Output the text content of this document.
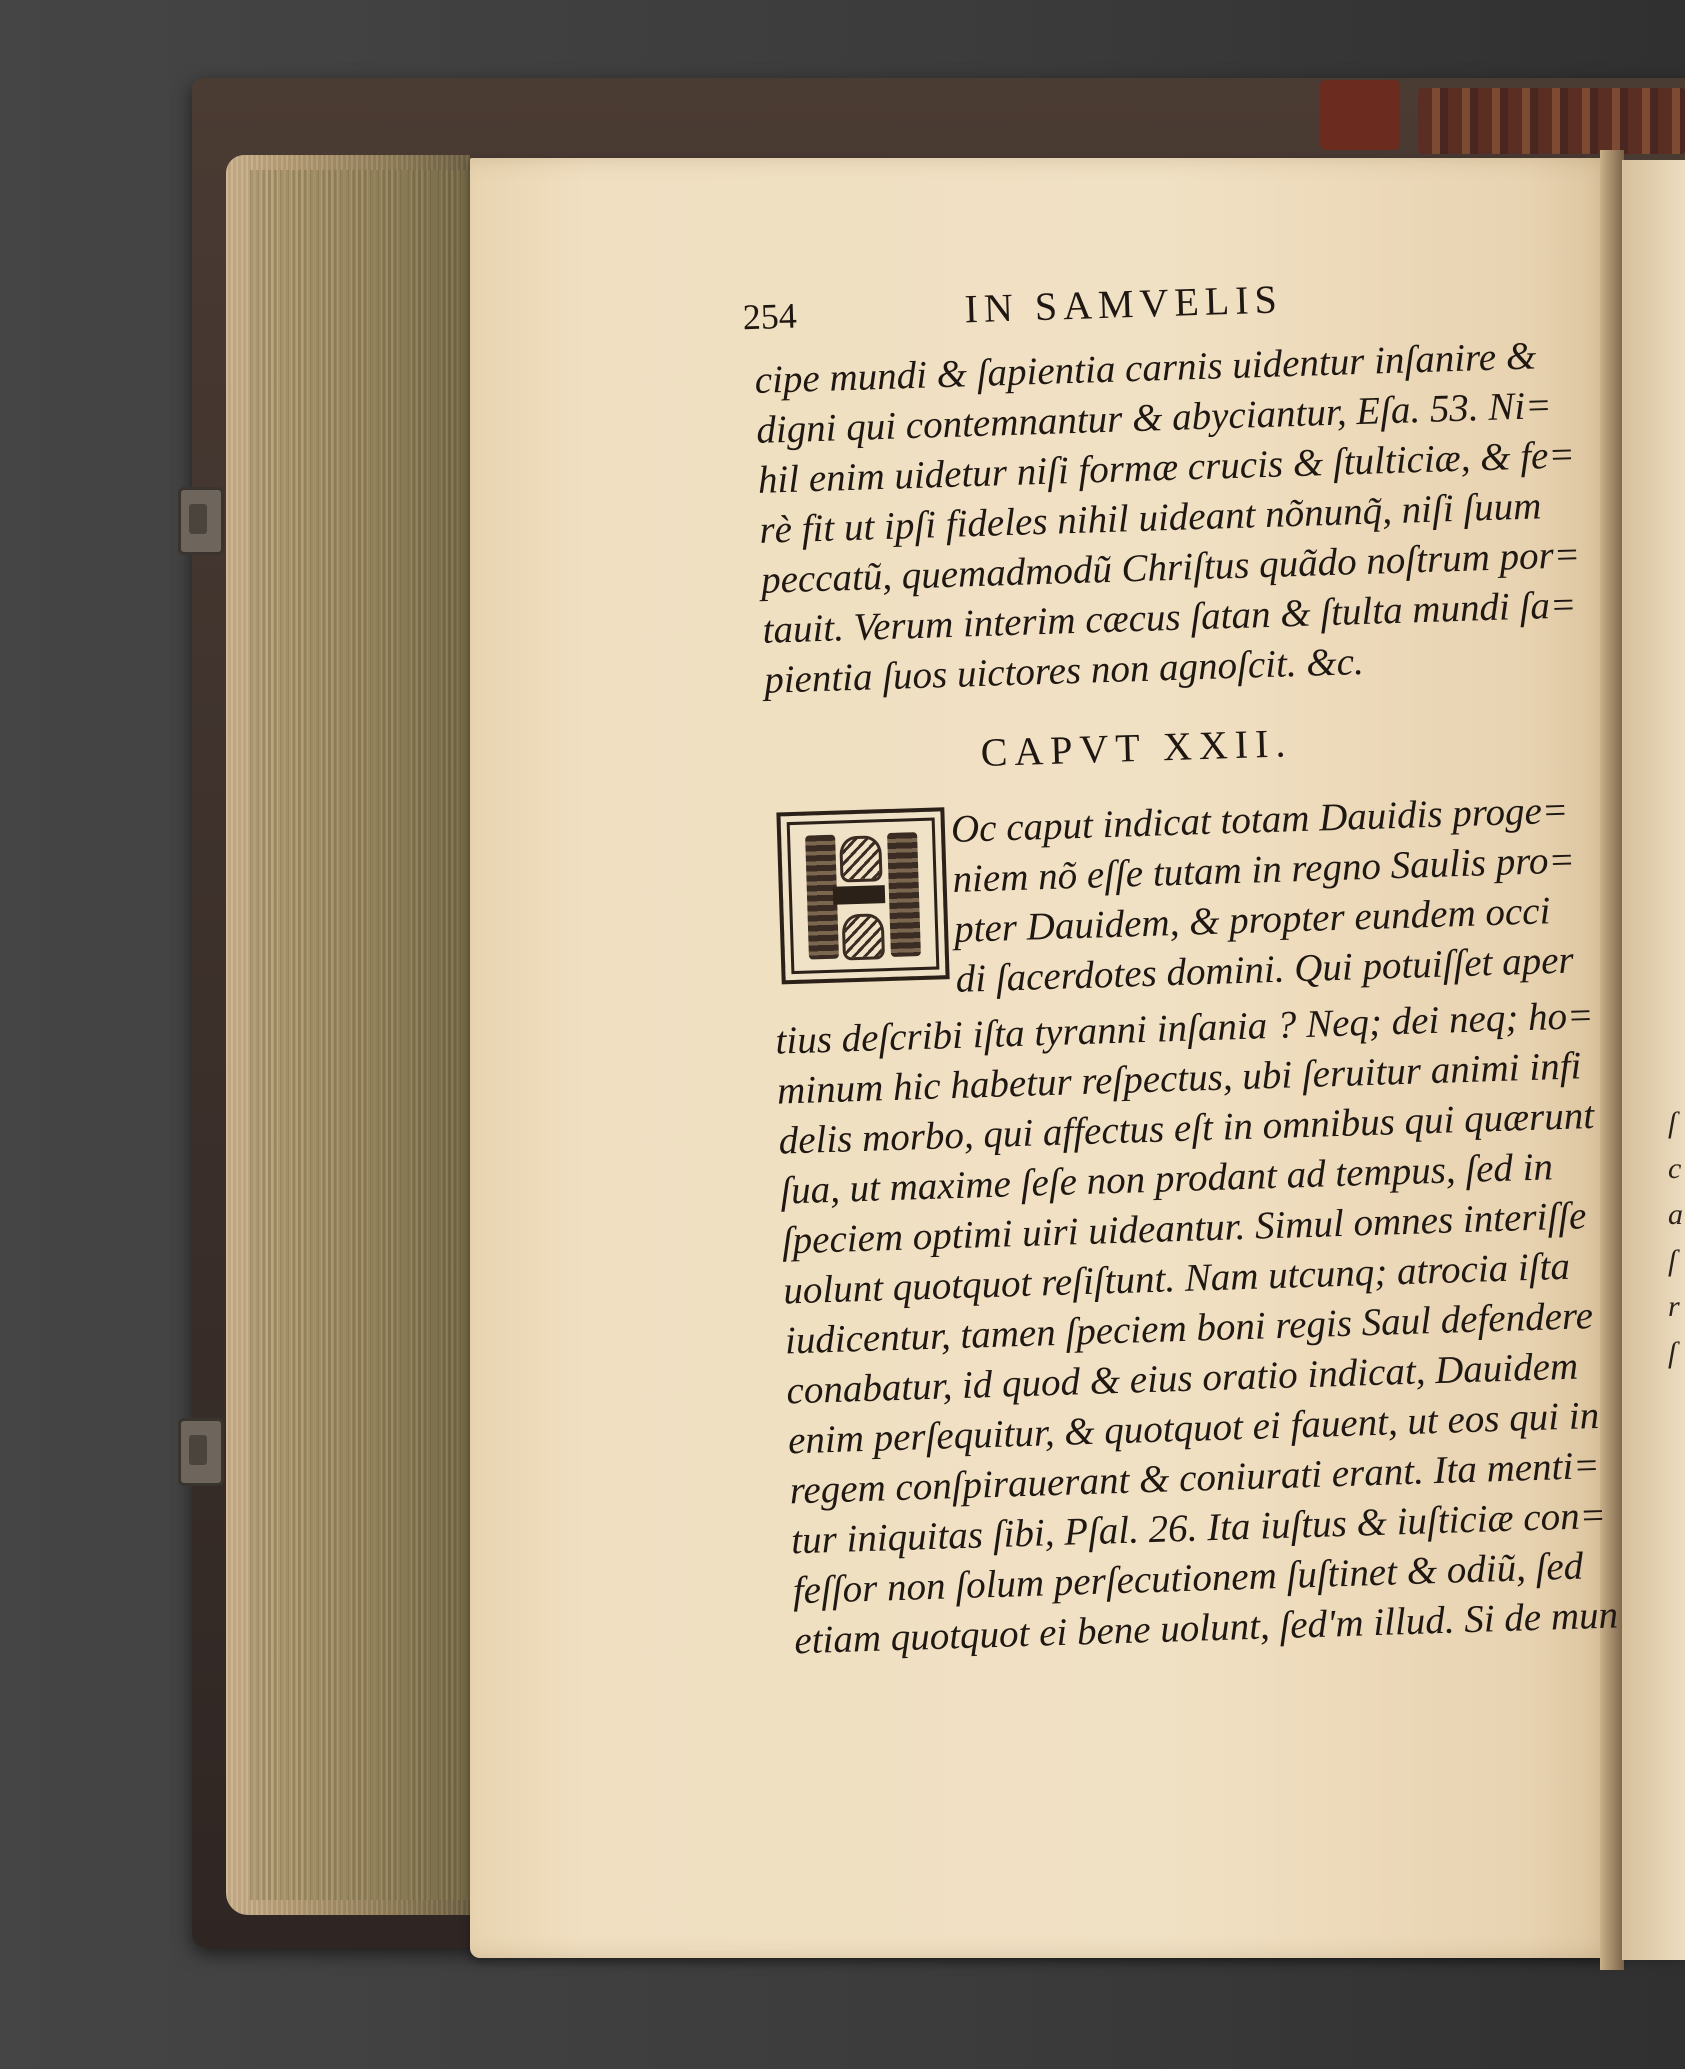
ſ
c
a
ſ
r
ſ
254	IN SAMVELIS
cipe mundi & ſapientia carnis uidentur inſanire &
digni qui contemnantur & abyciantur, Eſa. 53. Ni=
hil enim uidetur niſi formæ crucis & ſtulticiæ, & fe=
rè fit ut ipſi fideles nihil uideant nõnunq̃, niſi ſuum
peccatũ, quemadmodũ Chriſtus quãdo noſtrum por=
tauit. Verum interim cæcus ſatan & ſtulta mundi ſa=
pientia ſuos uictores non agnoſcit. &c.
CAPVT XXII.
Oc caput indicat totam Dauidis proge=
niem nõ eſſe tutam in regno Saulis pro=
pter Dauidem, & propter eundem occi
di ſacerdotes domini. Qui potuiſſet aper
tius deſcribi iſta tyranni inſania ? Neq; dei neq; ho=
minum hic habetur reſpectus, ubi ſeruitur animi infi
delis morbo, qui affectus eſt in omnibus qui quærunt
ſua, ut maxime ſeſe non prodant ad tempus, ſed in
ſpeciem optimi uiri uideantur. Simul omnes interiſſe
uolunt quotquot reſiſtunt. Nam utcunq; atrocia iſta
iudicentur, tamen ſpeciem boni regis Saul defendere
conabatur, id quod & eius oratio indicat, Dauidem
enim perſequitur, & quotquot ei fauent, ut eos qui in
regem conſpirauerant & coniurati erant. Ita menti=
tur iniquitas ſibi, Pſal. 26. Ita iuſtus & iuſticiæ con=
feſſor non ſolum perſecutionem ſuſtinet & odiũ, ſed
etiam quotquot ei bene uolunt, ſed'm illud. Si de mun
